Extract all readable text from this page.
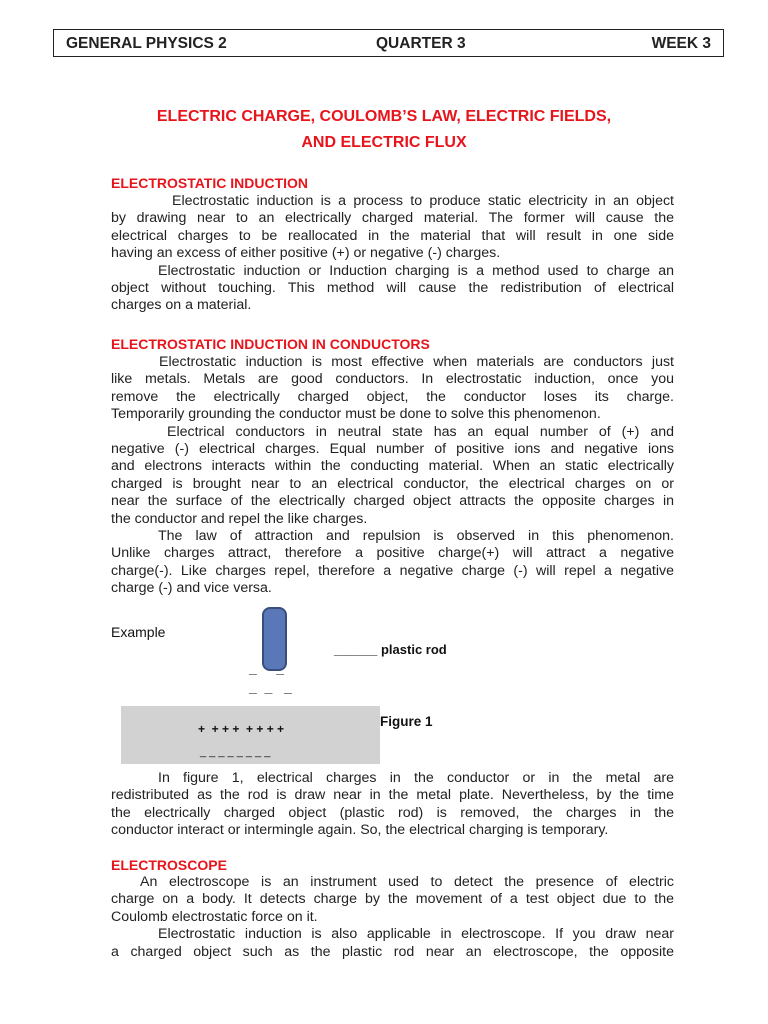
GENERAL PHYSICS 2	QUARTER 3	WEEK 3
ELECTRIC CHARGE, COULOMB’S LAW, ELECTRIC FIELDS,
AND ELECTRIC FLUX
ELECTROSTATIC INDUCTION
Electrostatic induction is a process to produce static electricity in an object
by drawing near to an electrically charged material. The former will cause the
electrical charges to be reallocated in the material that will result in one side
having an excess of either positive (+) or negative (-) charges.
Electrostatic induction or Induction charging is a method used to charge an
object without touching. This method will cause the redistribution of electrical
charges on a material.
ELECTROSTATIC INDUCTION IN CONDUCTORS
Electrostatic induction is most effective when materials are conductors just
like metals. Metals are good conductors. In electrostatic induction, once you
remove the electrically charged object, the conductor loses its charge.
Temporarily grounding the conductor must be done to solve this phenomenon.
Electrical conductors in neutral state has an equal number of (+) and
negative (-) electrical charges. Equal number of positive ions and negative ions
and electrons interacts within the conducting material. When an static electrically
charged is brought near to an electrical conductor, the electrical charges on or
near the surface of the electrically charged object attracts the opposite charges in
the conductor and repel the like charges.
The law of attraction and repulsion is observed in this phenomenon.
Unlike charges attract, therefore a positive charge(+) will attract a negative
charge(-). Like charges repel, therefore a negative charge (-) will repel a negative
charge (-) and vice versa.
Example
______ plastic rod
_     _
_  _   _
+  + + +  + + + +
_ _ _ _ _ _ _ _
Figure 1
In figure 1, electrical charges in the conductor or in the metal are
redistributed as the rod is draw near in the metal plate. Nevertheless, by the time
the electrically charged object (plastic rod) is removed, the charges in the
conductor interact or intermingle again. So, the electrical charging is temporary.
ELECTROSCOPE
An electroscope is an instrument used to detect the presence of electric
charge on a body. It detects charge by the movement of a test object due to the
Coulomb electrostatic force on it.
Electrostatic induction is also applicable in electroscope. If you draw near
a charged object such as the plastic rod near an electroscope, the opposite
